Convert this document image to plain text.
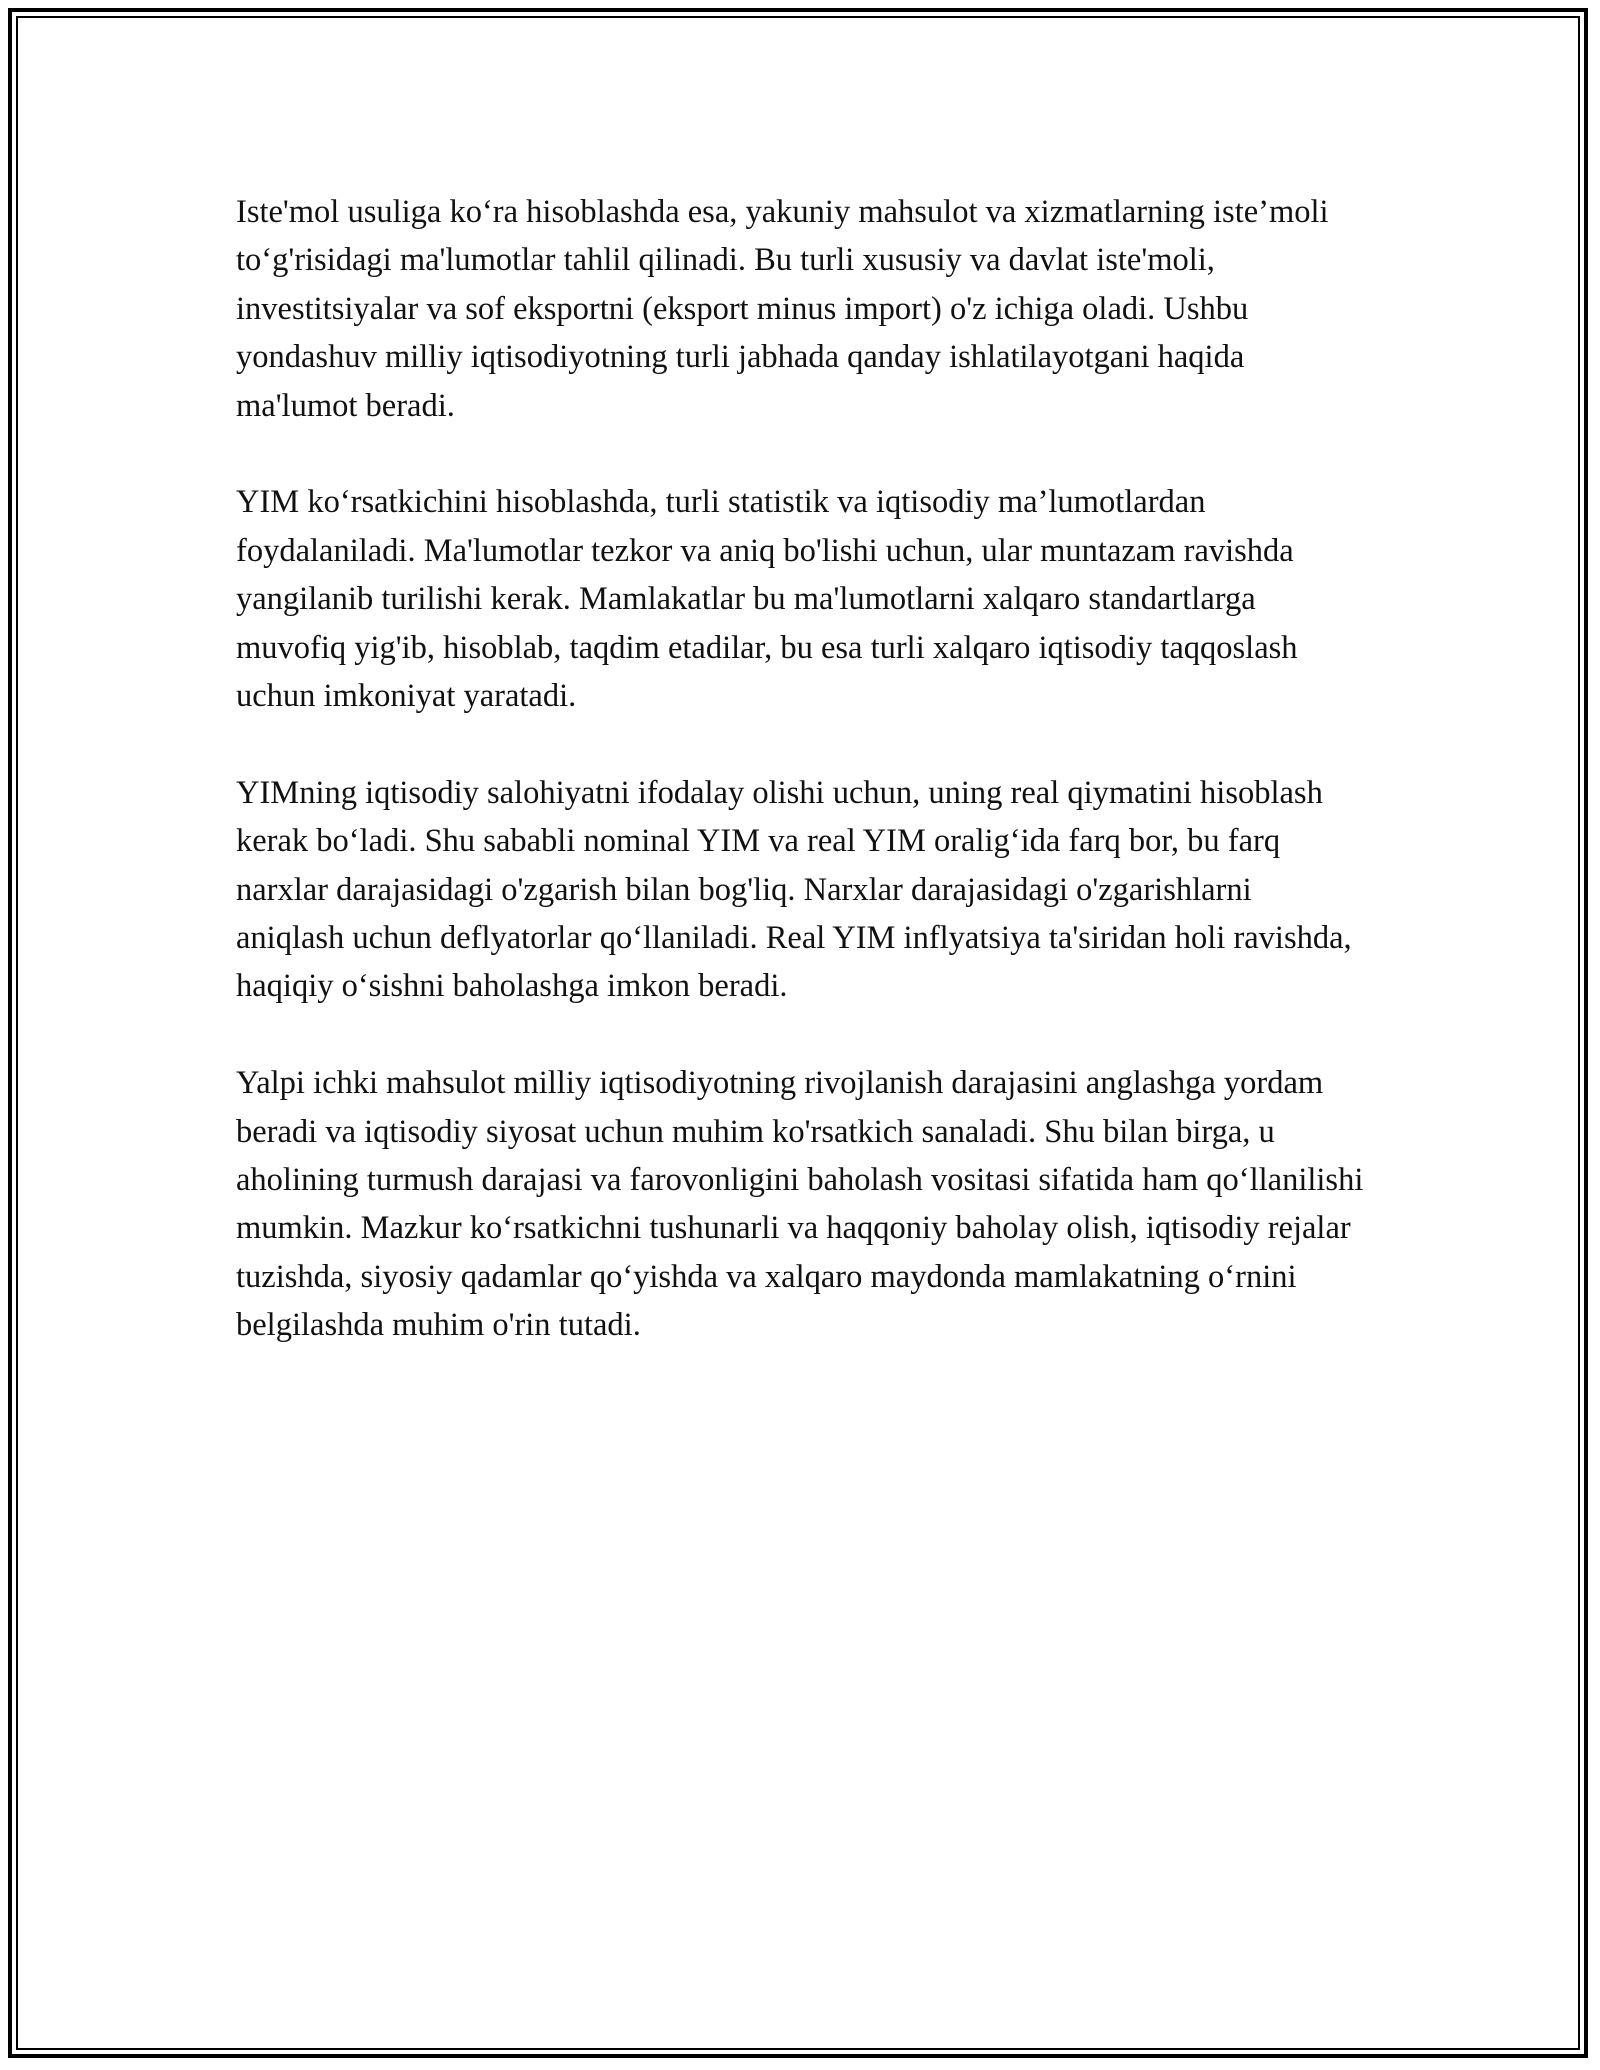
Iste'mol usuliga ko‘ra hisoblashda esa, yakuniy mahsulot va xizmatlarning iste’moli to‘g'risidagi ma'lumotlar tahlil qilinadi. Bu turli xususiy va davlat iste'moli, investitsiyalar va sof eksportni (eksport minus import) o'z ichiga oladi. Ushbu yondashuv milliy iqtisodiyotning turli jabhada qanday ishlatilayotgani haqida ma'lumot beradi.

YIM ko‘rsatkichini hisoblashda, turli statistik va iqtisodiy ma’lumotlardan foydalaniladi. Ma'lumotlar tezkor va aniq bo'lishi uchun, ular muntazam ravishda yangilanib turilishi kerak. Mamlakatlar bu ma'lumotlarni xalqaro standartlarga muvofiq yig'ib, hisoblab, taqdim etadilar, bu esa turli xalqaro iqtisodiy taqqoslash uchun imkoniyat yaratadi.

YIMning iqtisodiy salohiyatni ifodalay olishi uchun, uning real qiymatini hisoblash kerak bo‘ladi. Shu sababli nominal YIM va real YIM oralig‘ida farq bor, bu farq narxlar darajasidagi o'zgarish bilan bog'liq. Narxlar darajasidagi o'zgarishlarni aniqlash uchun deflyatorlar qo‘llaniladi. Real YIM inflyatsiya ta'siridan holi ravishda, haqiqiy o‘sishni baholashga imkon beradi.

Yalpi ichki mahsulot milliy iqtisodiyotning rivojlanish darajasini anglashga yordam beradi va iqtisodiy siyosat uchun muhim ko'rsatkich sanaladi. Shu bilan birga, u aholining turmush darajasi va farovonligini baholash vositasi sifatida ham qo‘llanilishi mumkin. Mazkur ko‘rsatkichni tushunarli va haqqoniy baholay olish, iqtisodiy rejalar tuzishda, siyosiy qadamlar qo‘yishda va xalqaro maydonda mamlakatning o‘rnini belgilashda muhim o'rin tutadi.
